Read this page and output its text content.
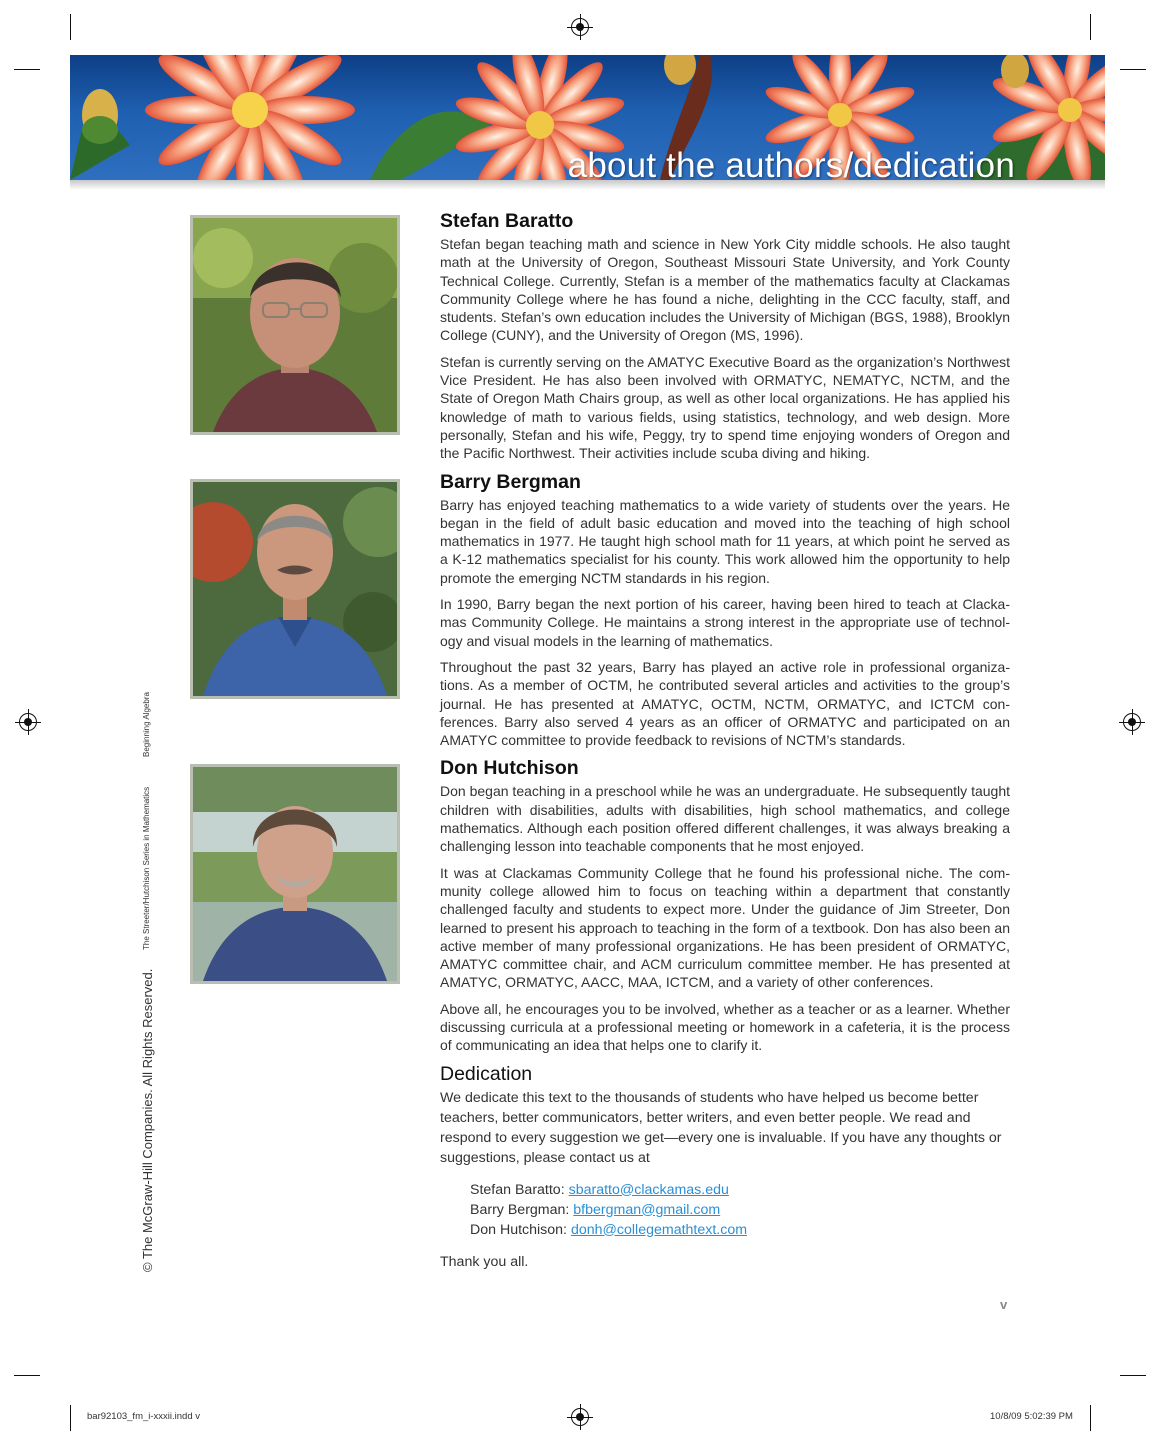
about the authors/dedication
Stefan Baratto

Stefan began teaching math and science in New York City middle schools. He also taught math at the University of Oregon, Southeast Missouri State University, and York County Technical College. Currently, Stefan is a member of the mathematics faculty at Clackamas Community College where he has found a niche, delighting in the CCC faculty, staff, and students. Stefan’s own education includes the University of Michigan (BGS, 1988), Brooklyn College (CUNY), and the University of Oregon (MS, 1996).

Stefan is currently serving on the AMATYC Executive Board as the organization’s Northwest Vice President. He has also been involved with ORMATYC, NEMATYC, NCTM, and the State of Oregon Math Chairs group, as well as other local organizations. He has applied his knowledge of math to various fields, using statistics, technology, and web design. More personally, Stefan and his wife, Peggy, try to spend time enjoying wonders of Oregon and the Pacific Northwest. Their activities include scuba diving and hiking.

Barry Bergman

Barry has enjoyed teaching mathematics to a wide variety of students over the years. He began in the field of adult basic education and moved into the teaching of high school mathematics in 1977. He taught high school math for 11 years, at which point he served as a K-12 mathematics specialist for his county. This work allowed him the opportunity to help promote the emerging NCTM standards in his region.

In 1990, Barry began the next portion of his career, having been hired to teach at Clacka-mas Community College. He maintains a strong interest in the appropriate use of technol-ogy and visual models in the learning of mathematics.

Throughout the past 32 years, Barry has played an active role in professional organiza-tions. As a member of OCTM, he contributed several articles and activities to the group’s journal. He has presented at AMATYC, OCTM, NCTM, ORMATYC, and ICTCM con-ferences. Barry also served 4 years as an officer of ORMATYC and participated on an AMATYC committee to provide feedback to revisions of NCTM’s standards.

Don Hutchison

Don began teaching in a preschool while he was an undergraduate. He subsequently taught children with disabilities, adults with disabilities, high school mathematics, and college mathematics. Although each position offered different challenges, it was always breaking a challenging lesson into teachable components that he most enjoyed.

It was at Clackamas Community College that he found his professional niche. The com-munity college allowed him to focus on teaching within a department that constantly challenged faculty and students to expect more. Under the guidance of Jim Streeter, Don learned to present his approach to teaching in the form of a textbook. Don has also been an active member of many professional organizations. He has been president of ORMATYC, AMATYC committee chair, and ACM curriculum committee member. He has presented at AMATYC, ORMATYC, AACC, MAA, ICTCM, and a variety of other conferences.

Above all, he encourages you to be involved, whether as a teacher or as a learner. Whether discussing curricula at a professional meeting or homework in a cafeteria, it is the process of communicating an idea that helps one to clarify it.

Dedication

We dedicate this text to the thousands of students who have helped us become better teachers, better communicators, better writers, and even better people. We read and respond to every suggestion we get—every one is invaluable. If you have any thoughts or suggestions, please contact us at

Stefan Baratto: sbaratto@clackamas.edu
Barry Bergman: bfbergman@gmail.com
Don Hutchison: donh@collegemathtext.com

Thank you all.

© The McGraw-Hill Companies. All Rights Reserved.
The Streeter/Hutchison Series in Mathematics
Beginning Algebra
v
bar92103_fm_i-xxxii.indd v	10/8/09 5:02:39 PM
